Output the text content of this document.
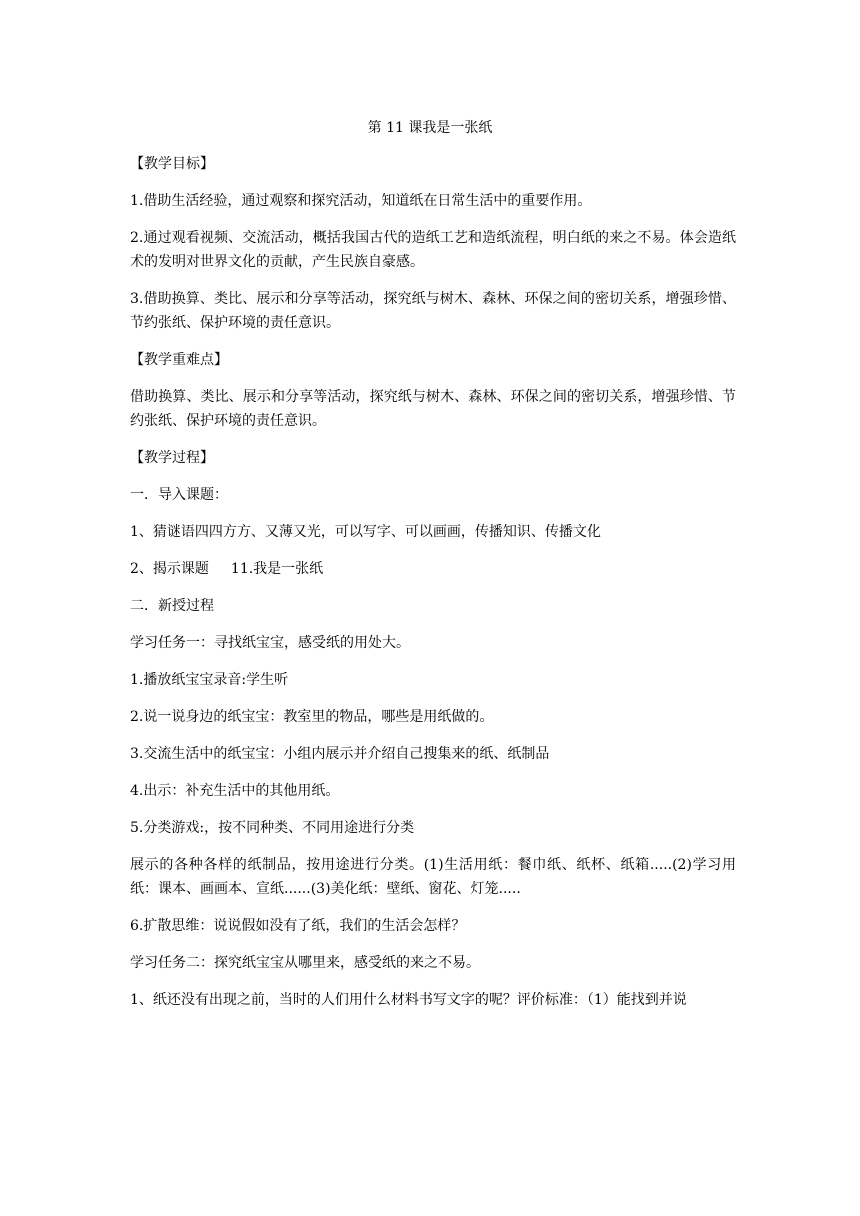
第 11 课我是一张纸

【教学目标】

1.借助生活经验，通过观察和探究活动，知道纸在日常生活中的重要作用。

2.通过观看视频、交流活动，概括我国古代的造纸工艺和造纸流程，明白纸的来之不易。体会造纸术的发明对世界文化的贡献，产生民族自豪感。

3.借助换算、类比、展示和分享等活动，探究纸与树木、森林、环保之间的密切关系，增强珍惜、节约张纸、保护环境的责任意识。

【教学重难点】

借助换算、类比、展示和分享等活动，探究纸与树木、森林、环保之间的密切关系，增强珍惜、节约张纸、保护环境的责任意识。

【教学过程】

一．导入课题：

1、猜谜语四四方方、又薄又光，可以写字、可以画画，传播知识、传播文化

2、揭示课题 11.我是一张纸

二．新授过程

学习任务一：寻找纸宝宝，感受纸的用处大。

1.播放纸宝宝录音:学生听

2.说一说身边的纸宝宝：教室里的物品，哪些是用纸做的。

3.交流生活中的纸宝宝：小组内展示并介绍自己搜集来的纸、纸制品

4.出示：补充生活中的其他用纸。

5.分类游戏:，按不同种类、不同用途进行分类

展示的各种各样的纸制品，按用途进行分类。(1)生活用纸：餐巾纸、纸杯、纸箱.....(2)学习用纸：课本、画画本、宣纸......(3)美化纸：壁纸、窗花、灯笼.....

6.扩散思维：说说假如没有了纸，我们的生活会怎样？

学习任务二：探究纸宝宝从哪里来，感受纸的来之不易。

1、纸还没有出现之前，当时的人们用什么材料书写文字的呢？评价标准：（1）能找到并说
